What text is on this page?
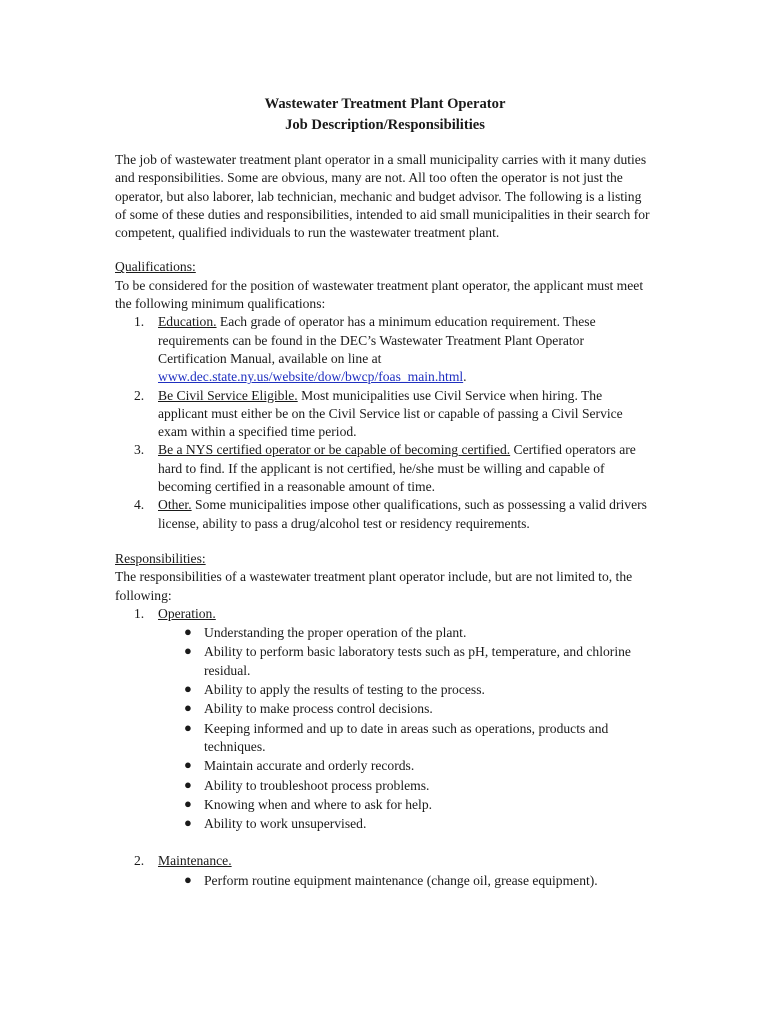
Wastewater Treatment Plant Operator

Job Description/Responsibilities

The job of wastewater treatment plant operator in a small municipality carries with it many duties and responsibilities. Some are obvious, many are not. All too often the operator is not just the operator, but also laborer, lab technician, mechanic and budget advisor. The following is a listing of some of these duties and responsibilities, intended to aid small municipalities in their search for competent, qualified individuals to run the wastewater treatment plant.

Qualifications:

To be considered for the position of wastewater treatment plant operator, the applicant must meet the following minimum qualifications:

1. Education. Each grade of operator has a minimum education requirement. These requirements can be found in the DEC’s Wastewater Treatment Plant Operator Certification Manual, available on line at www.dec.state.ny.us/website/dow/bwcp/foas_main.html.
2. Be Civil Service Eligible. Most municipalities use Civil Service when hiring. The applicant must either be on the Civil Service list or capable of passing a Civil Service exam within a specified time period.
3. Be a NYS certified operator or be capable of becoming certified. Certified operators are hard to find. If the applicant is not certified, he/she must be willing and capable of becoming certified in a reasonable amount of time.
4. Other. Some municipalities impose other qualifications, such as possessing a valid drivers license, ability to pass a drug/alcohol test or residency requirements.

Responsibilities:

The responsibilities of a wastewater treatment plant operator include, but are not limited to, the following:

1. Operation.
● Understanding the proper operation of the plant.
● Ability to perform basic laboratory tests such as pH, temperature, and chlorine residual.
● Ability to apply the results of testing to the process.
● Ability to make process control decisions.
● Keeping informed and up to date in areas such as operations, products and techniques.
● Maintain accurate and orderly records.
● Ability to troubleshoot process problems.
● Knowing when and where to ask for help.
● Ability to work unsupervised.
2. Maintenance.
● Perform routine equipment maintenance (change oil, grease equipment).
